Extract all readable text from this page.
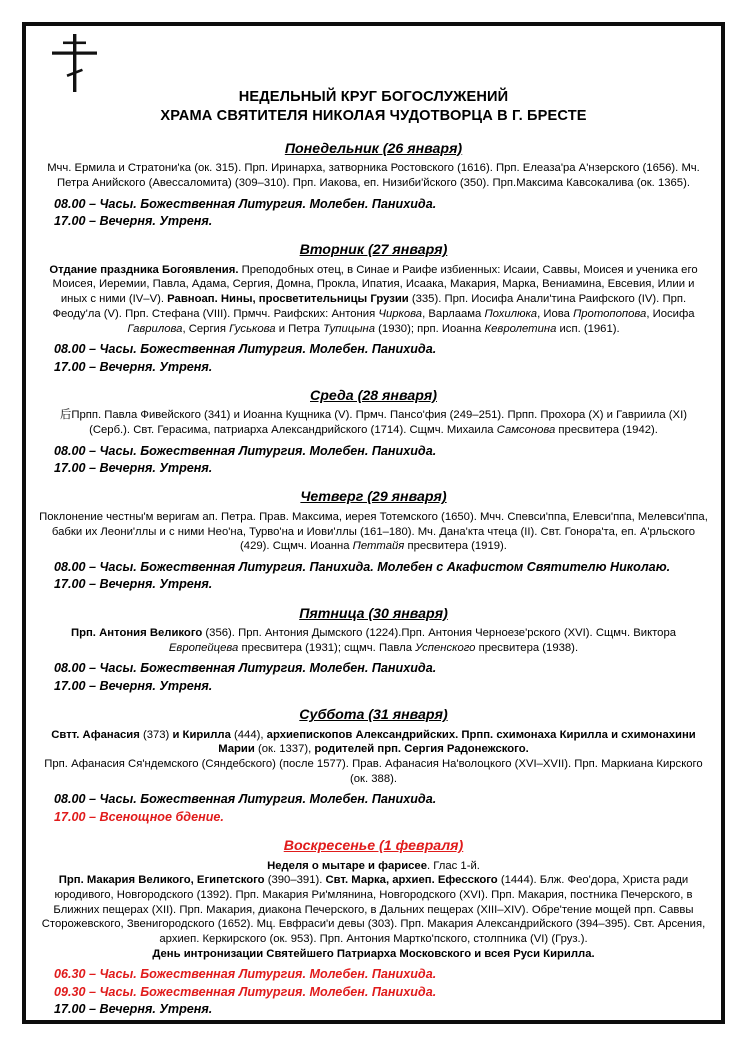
НЕДЕЛЬНЫЙ КРУГ БОГОСЛУЖЕНИЙ
ХРАМА СВЯТИТЕЛЯ НИКОЛАЯ ЧУДОТВОРЦА В Г. БРЕСТЕ
Понедельник (26 января)
Мчч. Ермила и Стратони'ка (ок. 315). Прп. Иринарха, затворника Ростовского (1616). Прп. Елеаза'ра А'нзерского (1656). Мч. Петра Анийского (Авессаломита) (309–310). Прп. Иакова, еп. Низиби'йского (350). Прп.Максима Кавсокалива (ок. 1365).
08.00 – Часы. Божественная Литургия. Молебен. Панихида.
17.00 – Вечерня. Утреня.
Вторник (27 января)
Отдание праздника Богоявления. Преподобных отец, в Синае и Раифе избиенных: Исаии, Саввы, Моисея и ученика его Моисея, Иеремии, Павла, Адама, Сергия, Домна, Прокла, Ипатия, Исаака, Макария, Марка, Вениамина, Евсевия, Илии и иных с ними (IV–V). Равноап. Нины, просветительницы Грузии (335). Прп. Иосифа Анали'тина Раифского (IV). Прп. Феоду'ла (V). Прп. Стефана (VIII). Прмчч. Раифских: Антония Чиркова, Варлаама Похилюка, Иова Протопопова, Иосифа Гаврилова, Сергия Гуськова и Петра Тупицына (1930); прп. Иоанна Кевролетина исп. (1961).
08.00 – Часы. Божественная Литургия. Молебен. Панихида.
17.00 – Вечерня. Утреня.
Среда (28 января)
后Прпп. Павла Фивейского (341) и Иоанна Кущника (V). Прмч. Пансо'фия (249–251). Прпп. Прохора (X) и Гавриила (XI) (Серб.). Свт. Герасима, патриарха Александрийского (1714). Сщмч. Михаила Самсонова пресвитера (1942).
08.00 – Часы. Божественная Литургия. Молебен. Панихида.
17.00 – Вечерня. Утреня.
Четверг (29 января)
Поклонение честны'м веригам ап. Петра. Прав. Максима, иерея Тотемского (1650). Мчч. Спевси'ппа, Елевси'ппа, Мелевси'ппа, бабки их Леони'ллы и с ними Нео'на, Турво'на и Иови'ллы (161–180). Мч. Дана'кта чтеца (II). Свт. Гонора'та, еп. А'рльского (429). Сщмч. Иоанна Петтайя пресвитера (1919).
08.00 – Часы. Божественная Литургия. Панихида. Молебен с Акафистом Святителю Николаю.
17.00 – Вечерня. Утреня.
Пятница (30 января)
Прп. Антония Великого (356). Прп. Антония Дымского (1224).Прп. Антония Черноезе'рского (XVI). Сщмч. Виктора Европейцева пресвитера (1931); сщмч. Павла Успенского пресвитера (1938).
08.00 – Часы. Божественная Литургия. Молебен. Панихида.
17.00 – Вечерня. Утреня.
Суббота (31 января)
Свтт. Афанасия (373) и Кирилла (444), архиепископов Александрийских. Прпп. схимонаха Кирилла и схимонахини Марии (ок. 1337), родителей прп. Сергия Радонежского.
Прп. Афанасия Ся'ндемского (Сяндебского) (после 1577). Прав. Афанасия На'волоцкого (XVI–XVII). Прп. Маркиана Кирского (ок. 388).
08.00 – Часы. Божественная Литургия. Молебен. Панихида.
17.00 – Всенощное бдение.
Воскресенье (1 февраля)
Неделя о мытаре и фарисее. Глас 1-й.
Прп. Макария Великого, Египетского (390–391). Свт. Марка, архиеп. Ефесского (1444). Блж. Фео'дора, Христа ради юродивого, Новгородского (1392). Прп. Макария Ри'млянина, Новгородского (XVI). Прп. Макария, постника Печерского, в Ближних пещерах (XII). Прп. Макария, диакона Печерского, в Дальних пещерах (XIII–XIV). Обре'тение мощей прп. Саввы Сторожевского, Звенигородского (1652). Мц. Евфраси'и девы (303). Прп. Макария Александрийского (394–395). Свт. Арсения, архиеп. Керкирского (ок. 953). Прп. Антония Мартко'пского, столпника (VI) (Груз.).
День интронизации Святейшего Патриарха Московского и всея Руси Кирилла.
06.30 – Часы. Божественная Литургия. Молебен. Панихида.
09.30 – Часы. Божественная Литургия. Молебен. Панихида.
17.00 – Вечерня. Утреня.
